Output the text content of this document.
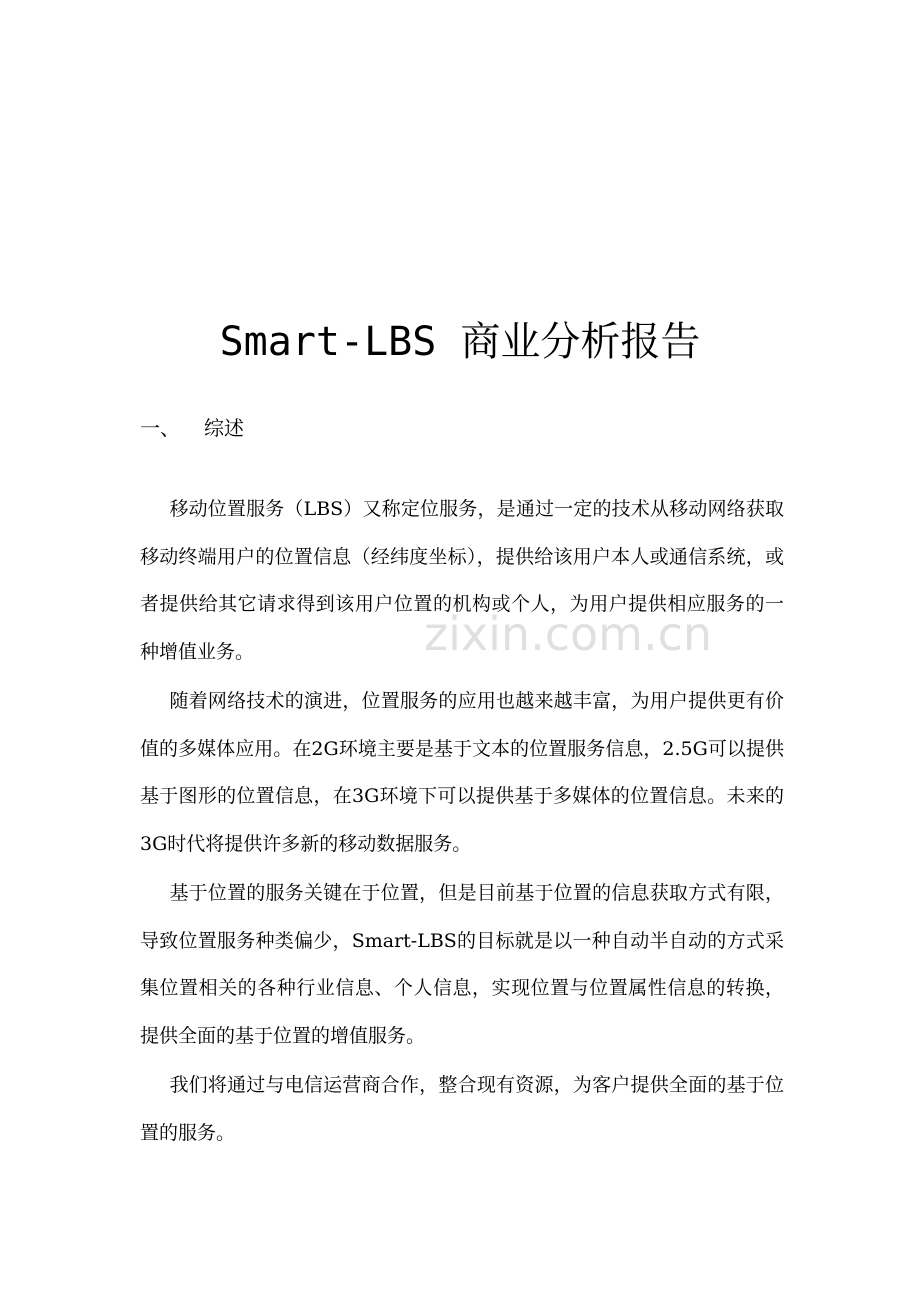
Smart-LBS 商业分析报告
一、 综述

移动位置服务（LBS）又称定位服务，是通过一定的技术从移动网络获取移动终端用户的位置信息（经纬度坐标），提供给该用户本人或通信系统，或者提供给其它请求得到该用户位置的机构或个人，为用户提供相应服务的一种增值业务。

随着网络技术的演进，位置服务的应用也越来越丰富，为用户提供更有价值的多媒体应用。在2G环境主要是基于文本的位置服务信息，2.5G可以提供基于图形的位置信息，在3G环境下可以提供基于多媒体的位置信息。未来的3G时代将提供许多新的移动数据服务。

基于位置的服务关键在于位置，但是目前基于位置的信息获取方式有限，导致位置服务种类偏少，Smart-LBS的目标就是以一种自动半自动的方式采集位置相关的各种行业信息、个人信息，实现位置与位置属性信息的转换，提供全面的基于位置的增值服务。

我们将通过与电信运营商合作，整合现有资源，为客户提供全面的基于位置的服务。

zixin.com.cn
